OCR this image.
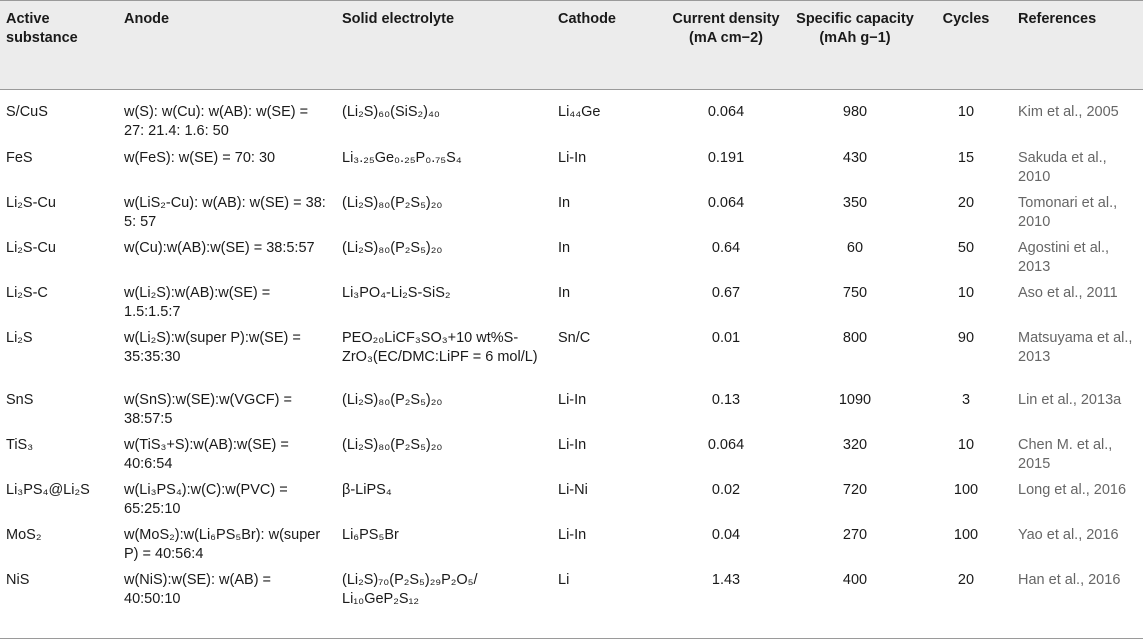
Active substance	Anode	Solid electrolyte	Cathode	Current density (mA cm−2)	Specific capacity (mAh g−1)	Cycles	References
S/CuS	w(S): w(Cu): w(AB): w(SE) = 27: 21.4: 1.6: 50	(Li₂S)₆₀(SiS₂)₄₀	Li₄₄Ge	0.064	980	10	Kim et al., 2005
FeS	w(FeS): w(SE) = 70: 30	Li₃.₂₅Ge₀.₂₅P₀.₇₅S₄	Li-In	0.191	430	15	Sakuda et al., 2010
Li₂S-Cu	w(LiS₂-Cu): w(AB): w(SE) = 38: 5: 57	(Li₂S)₈₀(P₂S₅)₂₀	In	0.064	350	20	Tomonari et al., 2010
Li₂S-Cu	w(Cu):w(AB):w(SE) = 38:5:57	(Li₂S)₈₀(P₂S₅)₂₀	In	0.64	60	50	Agostini et al., 2013
Li₂S-C	w(Li₂S):w(AB):w(SE) = 1.5:1.5:7	Li₃PO₄-Li₂S-SiS₂	In	0.67	750	10	Aso et al., 2011
Li₂S	w(Li₂S):w(super P):w(SE) = 35:35:30	PEO₂₀LiCF₃SO₃+10 wt%S-ZrO₃(EC/DMC:LiPF = 6 mol/L)	Sn/C	0.01	800	90	Matsuyama et al., 2013
SnS	w(SnS):w(SE):w(VGCF) = 38:57:5	(Li₂S)₈₀(P₂S₅)₂₀	Li-In	0.13	1090	3	Lin et al., 2013a
TiS₃	w(TiS₃+S):w(AB):w(SE) = 40:6:54	(Li₂S)₈₀(P₂S₅)₂₀	Li-In	0.064	320	10	Chen M. et al., 2015
Li₃PS₄@Li₂S	w(Li₃PS₄):w(C):w(PVC) = 65:25:10	β-LiPS₄	Li-Ni	0.02	720	100	Long et al., 2016
MoS₂	w(MoS₂):w(Li₆PS₅Br): w(super P) = 40:56:4	Li₆PS₅Br	Li-In	0.04	270	100	Yao et al., 2016
NiS	w(NiS):w(SE): w(AB) = 40:50:10	(Li₂S)₇₀(P₂S₅)₂₉P₂O₅/ Li₁₀GeP₂S₁₂	Li	1.43	400	20	Han et al., 2016
